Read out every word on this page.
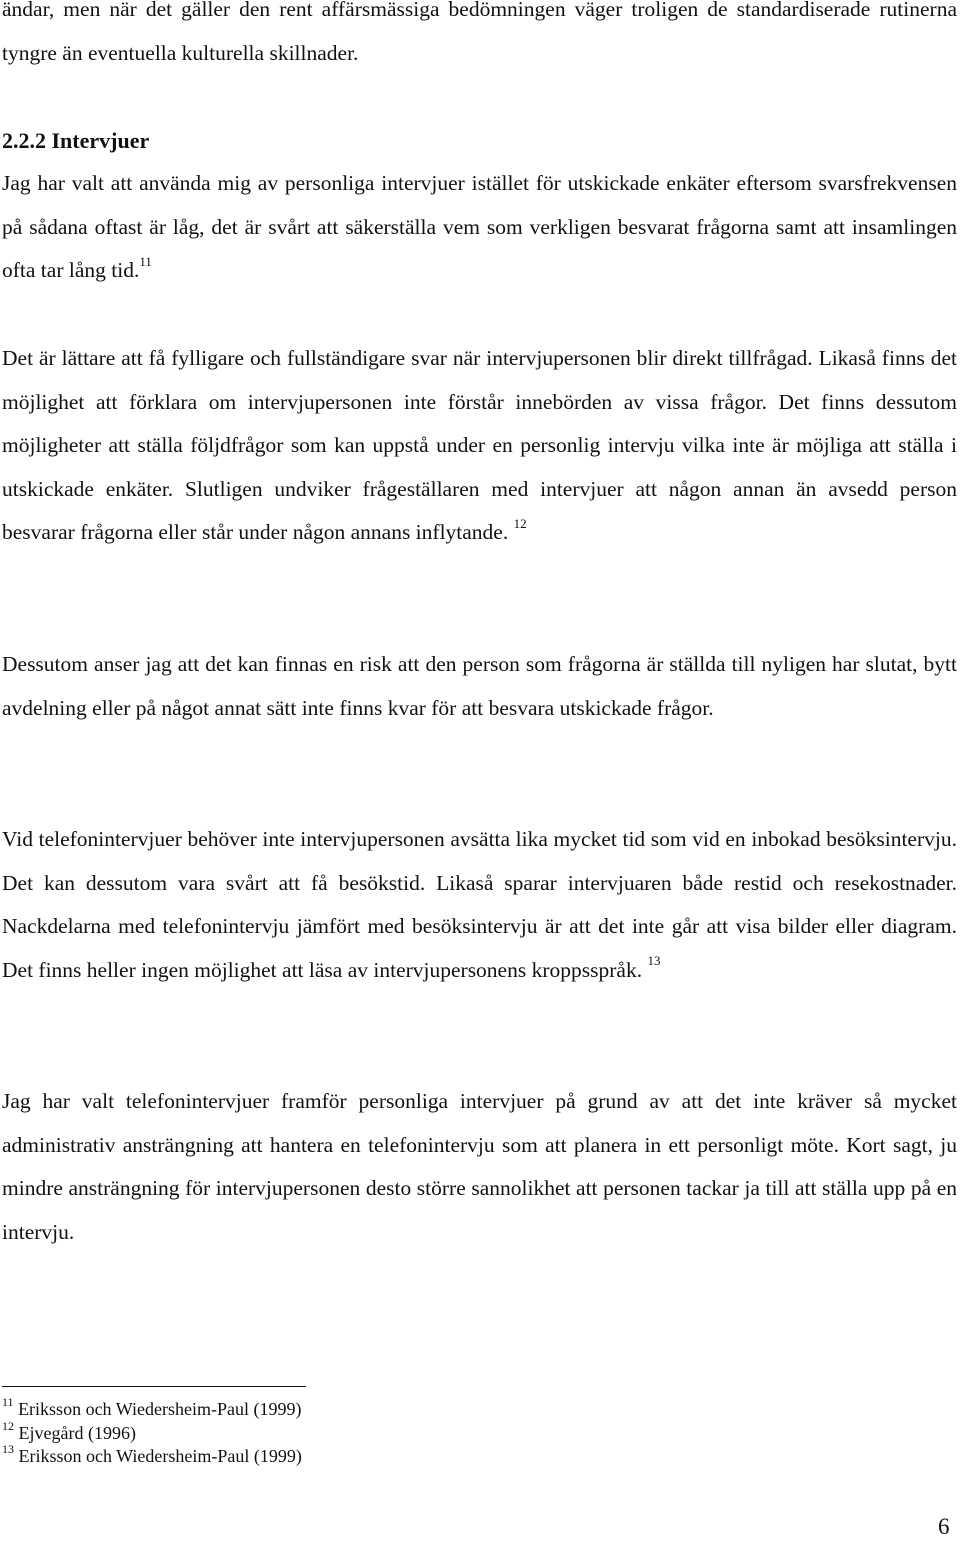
ändar, men när det gäller den rent affärsmässiga bedömningen väger troligen de standardiserade rutinerna tyngre än eventuella kulturella skillnader.

2.2.2 Intervjuer

Jag har valt att använda mig av personliga intervjuer istället för utskickade enkäter eftersom svarsfrekvensen på sådana oftast är låg, det är svårt att säkerställa vem som verkligen besvarat frågorna samt att insamlingen ofta tar lång tid.$^{11}$

Det är lättare att få fylligare och fullständigare svar när intervjupersonen blir direkt tillfrågad. Likaså finns det möjlighet att förklara om intervjupersonen inte förstår innebörden av vissa frågor. Det finns dessutom möjligheter att ställa följdfrågor som kan uppstå under en personlig intervju vilka inte är möjliga att ställa i utskickade enkäter. Slutligen undviker frågeställaren med intervjuer att någon annan än avsedd person besvarar frågorna eller står under någon annans inflytande. $^{12}$

Dessutom anser jag att det kan finnas en risk att den person som frågorna är ställda till nyligen har slutat, bytt avdelning eller på något annat sätt inte finns kvar för att besvara utskickade frågor.

Vid telefonintervjuer behöver inte intervjupersonen avsätta lika mycket tid som vid en inbokad besöksintervju. Det kan dessutom vara svårt att få besökstid. Likaså sparar intervjuaren både restid och resekostnader. Nackdelarna med telefonintervju jämfört med besöksintervju är att det inte går att visa bilder eller diagram. Det finns heller ingen möjlighet att läsa av intervjupersonens kroppsspråk. $^{13}$

Jag har valt telefonintervjuer framför personliga intervjuer på grund av att det inte kräver så mycket administrativ ansträngning att hantera en telefonintervju som att planera in ett personligt möte. Kort sagt, ju mindre ansträngning för intervjupersonen desto större sannolikhet att personen tackar ja till att ställa upp på en intervju.

$^{11}$ Eriksson och Wiedersheim-Paul (1999)
$^{12}$ Ejvegård (1996)
$^{13}$ Eriksson och Wiedersheim-Paul (1999)
6
